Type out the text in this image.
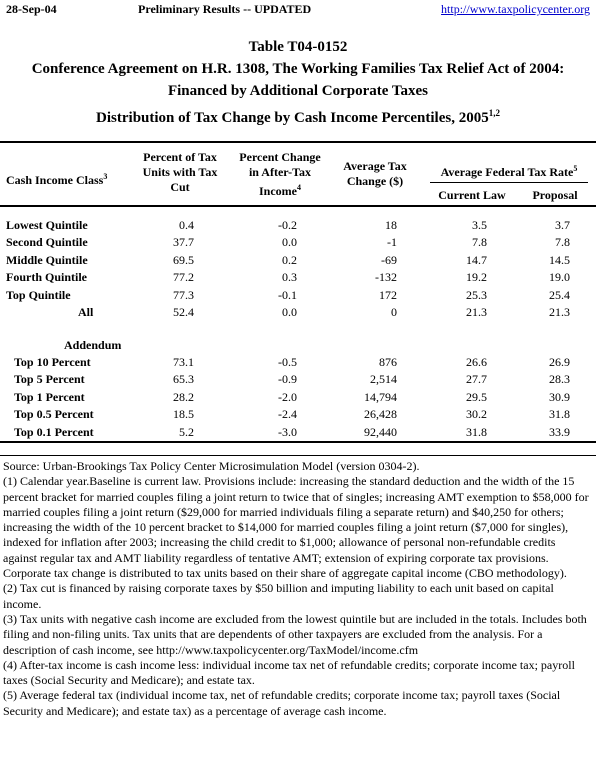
28-Sep-04	Preliminary Results -- UPDATED	http://www.taxpolicycenter.org
Table T04-0152
Conference Agreement on H.R. 1308, The Working Families Tax Relief Act of 2004:
Financed by Additional Corporate Taxes
Distribution of Tax Change by Cash Income Percentiles, 2005$^{1,2}$
Cash Income Class$^3$
Percent of Tax
Units with Tax
Cut
Percent Change
in After-Tax
Income$^4$
Average Tax
Change ($)
Average Federal Tax Rate$^5$
Current Law	Proposal
Lowest Quintile	0.4	-0.2	18	3.5	3.7
Second Quintile	37.7	0.0	-1	7.8	7.8
Middle Quintile	69.5	0.2	-69	14.7	14.5
Fourth Quintile	77.2	0.3	-132	19.2	19.0
Top Quintile	77.3	-0.1	172	25.3	25.4
All	52.4	0.0	0	21.3	21.3
Addendum
Top 10 Percent	73.1	-0.5	876	26.6	26.9
Top 5 Percent	65.3	-0.9	2,514	27.7	28.3
Top 1 Percent	28.2	-2.0	14,794	29.5	30.9
Top 0.5 Percent	18.5	-2.4	26,428	30.2	31.8
Top 0.1 Percent	5.2	-3.0	92,440	31.8	33.9

Source: Urban-Brookings Tax Policy Center Microsimulation Model (version 0304-2).

(1) Calendar year.Baseline is current law. Provisions include: increasing the standard deduction and the width of the 15 percent bracket for married couples filing a joint return to twice that of singles; increasing AMT exemption to $58,000 for married couples filing a joint return ($29,000 for married individuals filing a separate return) and $40,250 for others; increasing the width of the 10 percent bracket to $14,000 for married couples filing a joint return ($7,000 for singles), indexed for inflation after 2003; increasing the child credit to $1,000; allowance of personal non-refundable credits against regular tax and AMT liability regardless of tentative AMT; extension of expiring corporate tax provisions. Corporate tax change is distributed to tax units based on their share of aggregate capital income (CBO methodology).

(2) Tax cut is financed by raising corporate taxes by $50 billion and imputing liability to each unit based on capital income.

(3) Tax units with negative cash income are excluded from the lowest quintile but are included in the totals. Includes both filing and non-filing units. Tax units that are dependents of other taxpayers are excluded from the analysis. For a description of cash income, see http://www.taxpolicycenter.org/TaxModel/income.cfm

(4) After-tax income is cash income less: individual income tax net of refundable credits; corporate income tax; payroll taxes (Social Security and Medicare); and estate tax.

(5) Average federal tax (individual income tax, net of refundable credits; corporate income tax; payroll taxes (Social Security and Medicare); and estate tax) as a percentage of average cash income.
